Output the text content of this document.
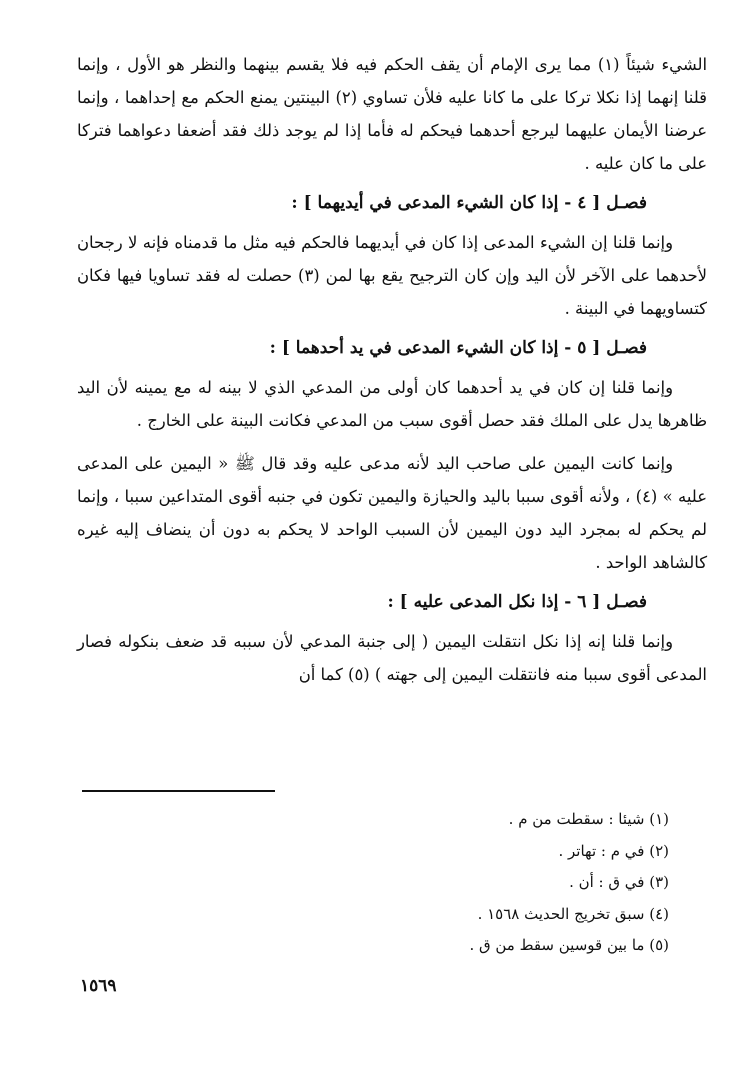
الشيء شيئاً (١) مما يرى الإمام أن يقف الحكم فيه فلا يقسم بينهما والنظر هو الأول ، وإنما قلنا إنهما إذا نكلا تركا على ما كانا عليه فلأن تساوي (٢) البينتين يمنع الحكم مع إحداهما ، وإنما عرضنا الأيمان عليهما ليرجع أحدهما فيحكم له فأما إذا لم يوجد ذلك فقد أضعفا دعواهما فتركا على ما كان عليه .

فصـل [ ٤ - إذا كان الشيء المدعى في أيديهما ] :

وإنما قلنا إن الشيء المدعى إذا كان في أيديهما فالحكم فيه مثل ما قدمناه فإنه لا رجحان لأحدهما على الآخر لأن اليد وإن كان الترجيح يقع بها لمن (٣) حصلت له فقد تساويا فيها فكان كتساويهما في البينة .

فصـل [ ٥ - إذا كان الشيء المدعى في يد أحدهما ] :

وإنما قلنا إن كان في يد أحدهما كان أولى من المدعي الذي لا بينه له مع يمينه لأن اليد ظاهرها يدل على الملك فقد حصل أقوى سبب من المدعي فكانت البينة على الخارج .

وإنما كانت اليمين على صاحب اليد لأنه مدعى عليه وقد قال ﷺ « اليمين على المدعى عليه » (٤) ، ولأنه أقوى سببا باليد والحيازة واليمين تكون في جنبه أقوى المتداعين سببا ، وإنما لم يحكم له بمجرد اليد دون اليمين لأن السبب الواحد لا يحكم به دون أن ينضاف إليه غيره كالشاهد الواحد .

فصـل [ ٦ - إذا نكل المدعى عليه ] :

وإنما قلنا إنه إذا نكل انتقلت اليمين ( إلى جنبة المدعي لأن سببه قد ضعف بنكوله فصار المدعى أقوى سببا منه فانتقلت اليمين إلى جهته ) (٥) كما أن

(١) شيئا : سقطت من م .
(٢) في م : تهاتر .
(٣) في ق : أن .
(٤) سبق تخريج الحديث ١٥٦٨ .
(٥) ما بين قوسين سقط من ق .
١٥٦٩
